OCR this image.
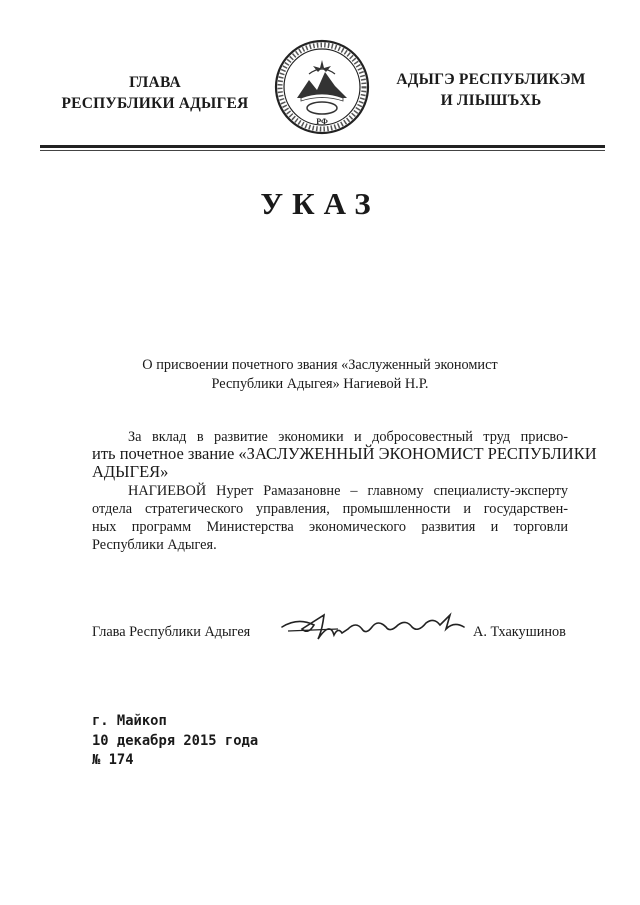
ГЛАВА
РЕСПУБЛИКИ АДЫГЕЯ
РФ
АДЫГЭ РЕСПУБЛИКЭМ
И ЛІЫШЪХЬ
УКАЗ
О присвоении почетного звания «Заслуженный экономист
Республики Адыгея» Нагиевой Н.Р.
За вклад в развитие экономики и добросовестный труд присво-
ить почетное звание «ЗАСЛУЖЕННЫЙ ЭКОНОМИСТ РЕСПУБЛИКИ
АДЫГЕЯ»
НАГИЕВОЙ Нурет Рамазановне – главному специалисту-эксперту
отдела стратегического управления, промышленности и государствен-
ных программ Министерства экономического развития и торговли
Республики Адыгея.
Глава Республики Адыгея	А. Тхакушинов
г. Майкоп
10 декабря 2015 года
№ 174
